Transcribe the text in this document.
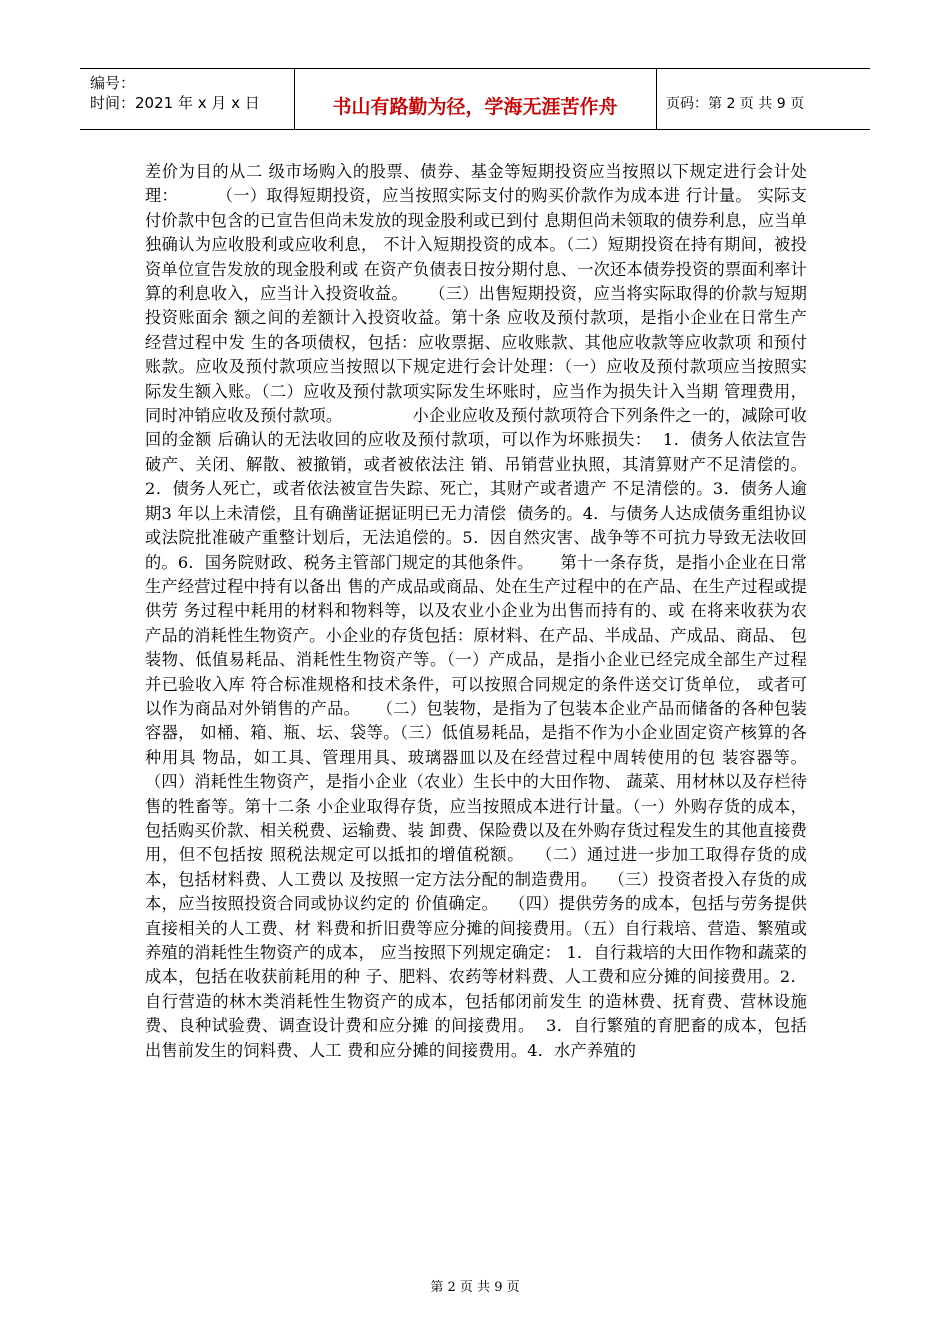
编号：
时间：2021 年 x 月 x 日	书山有路勤为径，学海无涯苦作舟	页码：第 2 页 共 9 页
差价为目的从二 级市场购入的股票、债券、基金等短期投资应当按照以下规定进行会计处理：       （一）取得短期投资，应当按照实际支付的购买价款作为成本进 行计量。 实际支付价款中包含的已宣告但尚未发放的现金股利或已到付 息期但尚未领取的债券利息，应当单独确认为应收股利或应收利息， 不计入短期投资的成本。（二）短期投资在持有期间，被投资单位宣告发放的现金股利或 在资产负债表日按分期付息、一次还本债券投资的票面利率计算的利息收入，应当计入投资收益。    （三）出售短期投资，应当将实际取得的价款与短期投资账面余 额之间的差额计入投资收益。第十条 应收及预付款项，是指小企业在日常生产经营过程中发 生的各项债权，包括：应收票据、应收账款、其他应收款等应收款项 和预付账款。应收及预付款项应当按照以下规定进行会计处理：（一）应收及预付款项应当按照实际发生额入账。（二）应收及预付款项实际发生坏账时，应当作为损失计入当期 管理费用，同时冲销应收及预付款项。             小企业应收及预付款项符合下列条件之一的，减除可收回的金额 后确认的无法收回的应收及预付款项，可以作为坏账损失：  1．债务人依法宣告破产、关闭、解散、被撤销，或者被依法注 销、吊销营业执照，其清算财产不足清偿的。2．债务人死亡，或者依法被宣告失踪、死亡，其财产或者遗产 不足清偿的。3．债务人逾期3 年以上未清偿，且有确凿证据证明已无力清偿  债务的。4．与债务人达成债务重组协议或法院批准破产重整计划后，无法追偿的。5．因自然灾害、战争等不可抗力导致无法收回的。6．国务院财政、税务主管部门规定的其他条件。     第十一条存货，是指小企业在日常生产经营过程中持有以备出 售的产成品或商品、处在生产过程中的在产品、在生产过程或提供劳 务过程中耗用的材料和物料等，以及农业小企业为出售而持有的、或 在将来收获为农产品的消耗性生物资产。小企业的存货包括：原材料、在产品、半成品、产成品、商品、 包装物、低值易耗品、消耗性生物资产等。（一）产成品，是指小企业已经完成全部生产过程并已验收入库 符合标准规格和技术条件，可以按照合同规定的条件送交订货单位， 或者可以作为商品对外销售的产品。   （二）包装物，是指为了包装本企业产品而储备的各种包装容器， 如桶、箱、瓶、坛、袋等。（三）低值易耗品，是指不作为小企业固定资产核算的各种用具 物品，如工具、管理用具、玻璃器皿以及在经营过程中周转使用的包 装容器等。（四）消耗性生物资产，是指小企业（农业）生长中的大田作物、 蔬菜、用材林以及存栏待售的牲畜等。第十二条 小企业取得存货，应当按照成本进行计量。（一）外购存货的成本，包括购买价款、相关税费、运输费、装 卸费、保险费以及在外购存货过程发生的其他直接费用，但不包括按 照税法规定可以抵扣的增值税额。  （二）通过进一步加工取得存货的成本，包括材料费、人工费以 及按照一定方法分配的制造费用。  （三）投资者投入存货的成本，应当按照投资合同或协议约定的 价值确定。  （四）提供劳务的成本，包括与劳务提供直接相关的人工费、材 料费和折旧费等应分摊的间接费用。（五）自行栽培、营造、繁殖或养殖的消耗性生物资产的成本， 应当按照下列规定确定： 1．自行栽培的大田作物和蔬菜的成本，包括在收获前耗用的种 子、肥料、农药等材料费、人工费和应分摊的间接费用。2．自行营造的林木类消耗性生物资产的成本，包括郁闭前发生 的造林费、抚育费、营林设施费、良种试验费、调查设计费和应分摊 的间接费用。  3．自行繁殖的育肥畜的成本，包括出售前发生的饲料费、人工 费和应分摊的间接费用。4．水产养殖的
第 2 页 共 9 页
